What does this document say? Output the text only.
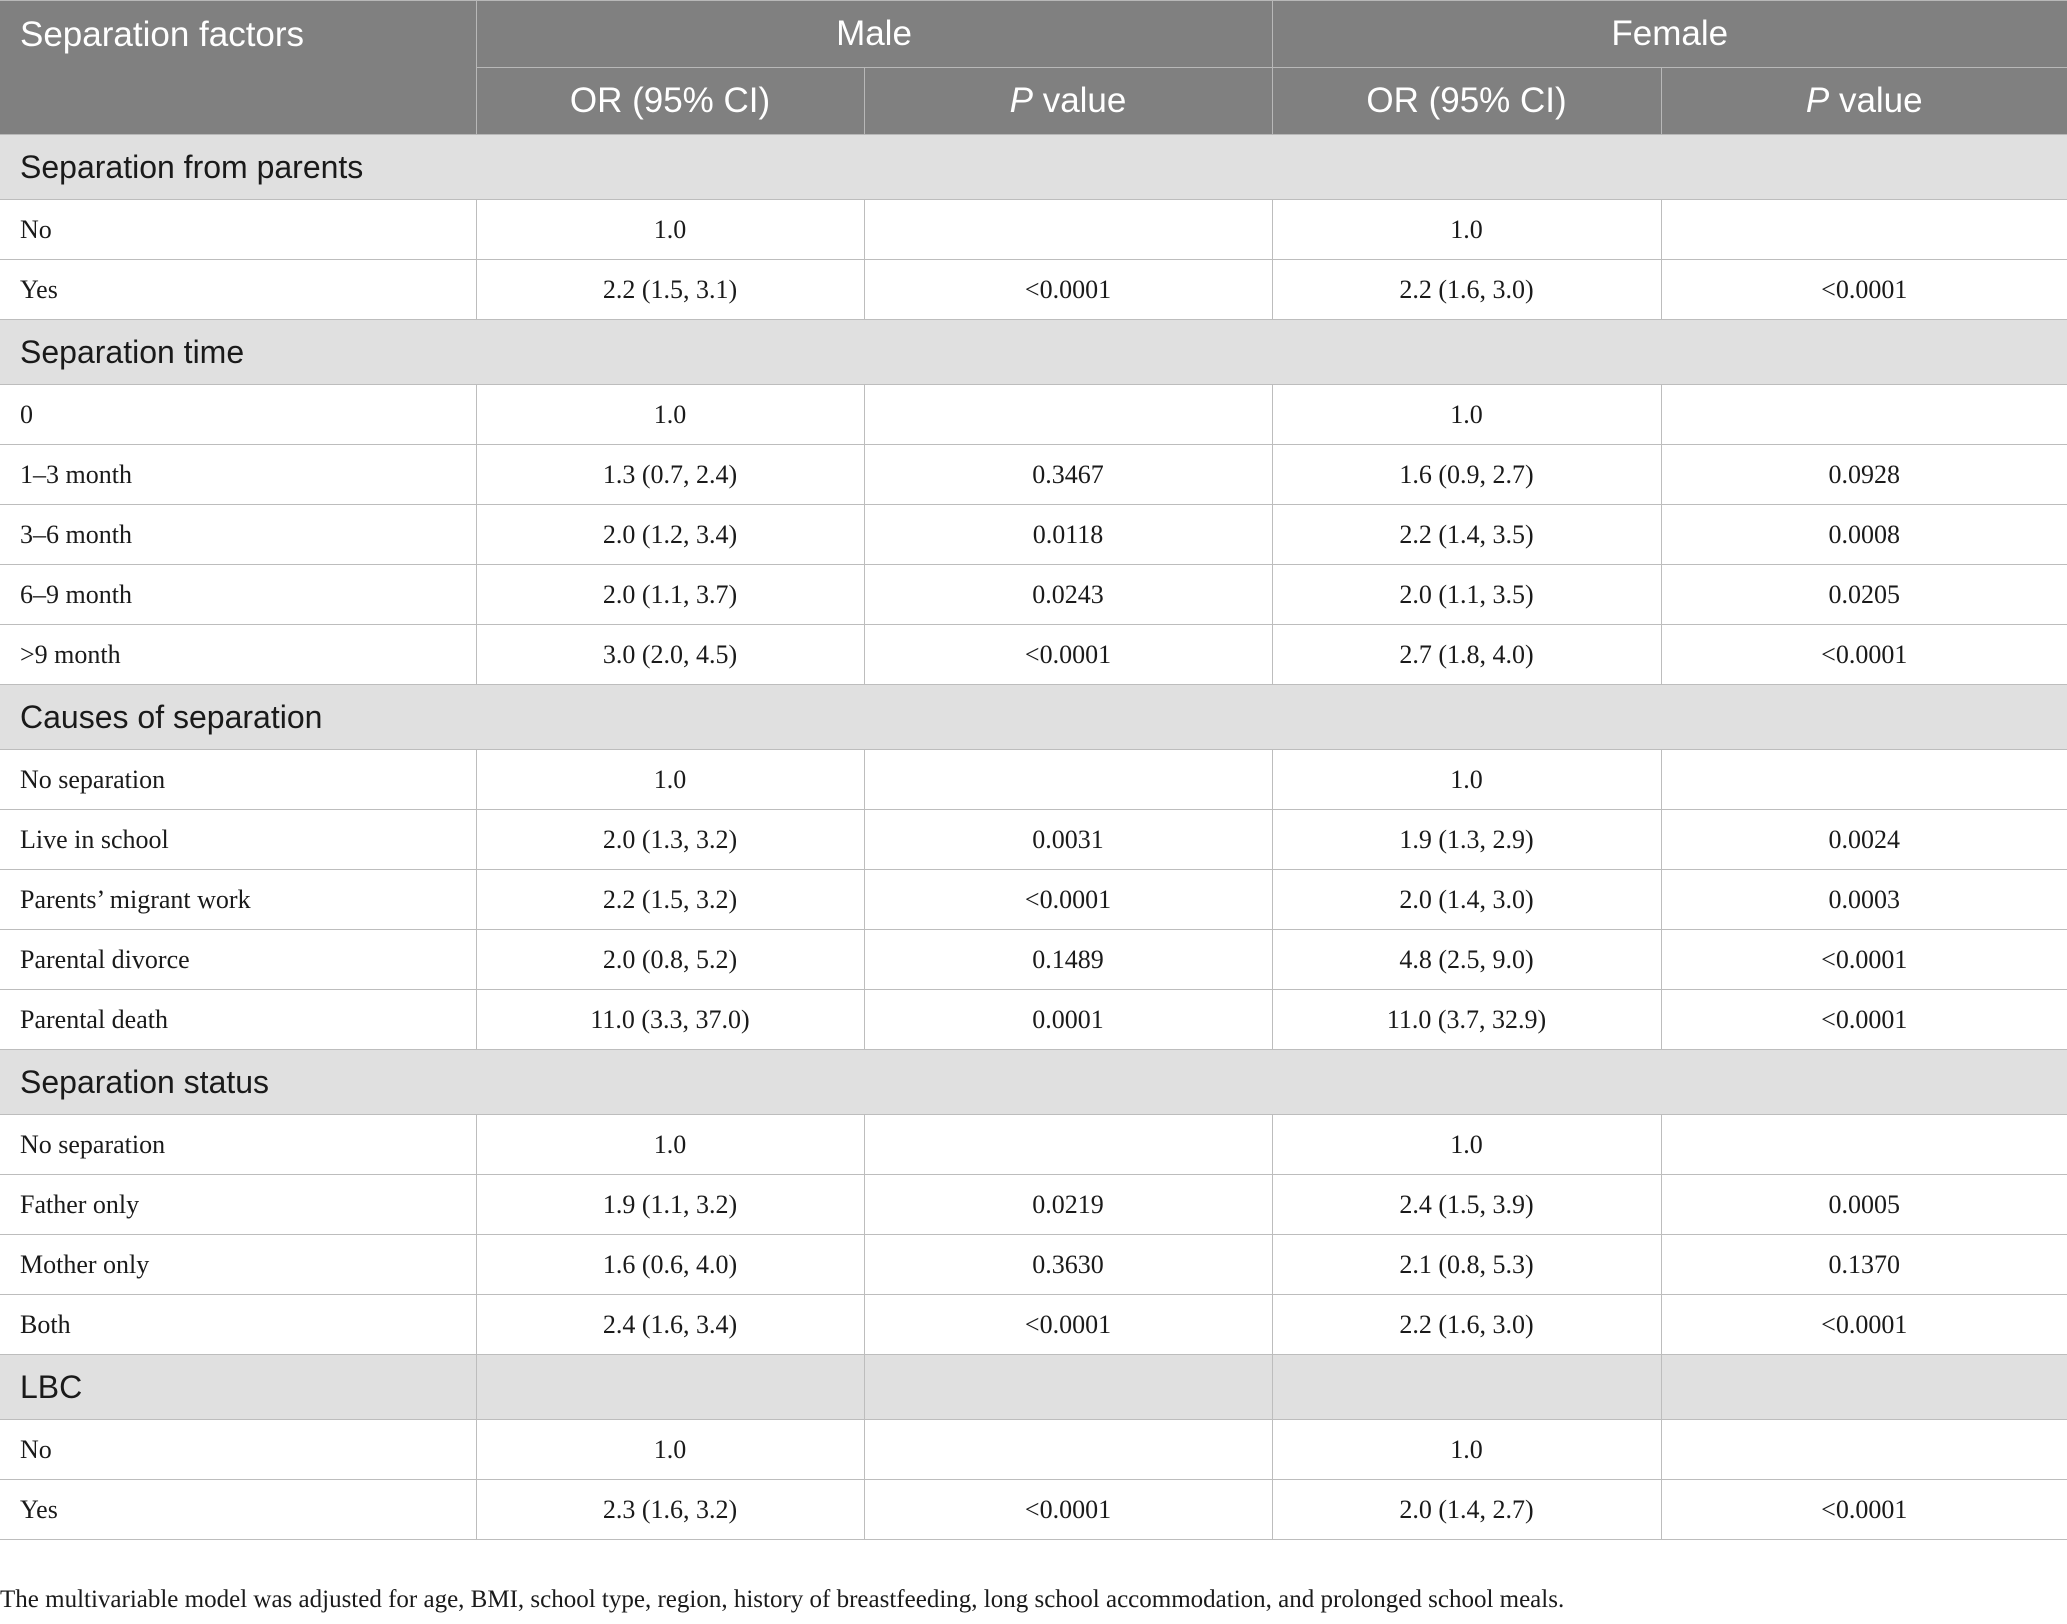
Separation factors	Male		Female	
	OR (95% CI)	P value	OR (95% CI)	P value
Separation from parents				
No	1.0		1.0	
Yes	2.2 (1.5, 3.1)	<0.0001	2.2 (1.6, 3.0)	<0.0001
Separation time				
0	1.0		1.0	
1–3 month	1.3 (0.7, 2.4)	0.3467	1.6 (0.9, 2.7)	0.0928
3–6 month	2.0 (1.2, 3.4)	0.0118	2.2 (1.4, 3.5)	0.0008
6–9 month	2.0 (1.1, 3.7)	0.0243	2.0 (1.1, 3.5)	0.0205
>9 month	3.0 (2.0, 4.5)	<0.0001	2.7 (1.8, 4.0)	<0.0001
Causes of separation				
No separation	1.0		1.0	
Live in school	2.0 (1.3, 3.2)	0.0031	1.9 (1.3, 2.9)	0.0024
Parents’ migrant work	2.2 (1.5, 3.2)	<0.0001	2.0 (1.4, 3.0)	0.0003
Parental divorce	2.0 (0.8, 5.2)	0.1489	4.8 (2.5, 9.0)	<0.0001
Parental death	11.0 (3.3, 37.0)	0.0001	11.0 (3.7, 32.9)	<0.0001
Separation status				
No separation	1.0		1.0	
Father only	1.9 (1.1, 3.2)	0.0219	2.4 (1.5, 3.9)	0.0005
Mother only	1.6 (0.6, 4.0)	0.3630	2.1 (0.8, 5.3)	0.1370
Both	2.4 (1.6, 3.4)	<0.0001	2.2 (1.6, 3.0)	<0.0001
LBC				
No	1.0		1.0	
Yes	2.3 (1.6, 3.2)	<0.0001	2.0 (1.4, 2.7)	<0.0001
The multivariable model was adjusted for age, BMI, school type, region, history of breastfeeding, long school accommodation, and prolonged school meals.
